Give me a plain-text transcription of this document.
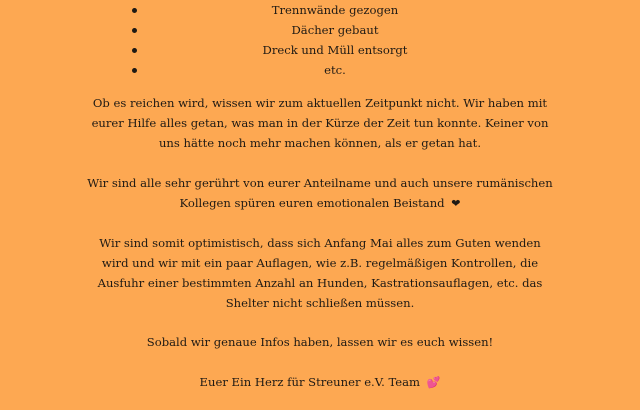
Trennwände gezogen
Dächer gebaut
Dreck und Müll entsorgt
etc.
Ob es reichen wird, wissen wir zum aktuellen Zeitpunkt nicht. Wir haben mit
eurer Hilfe alles getan, was man in der Kürze der Zeit tun konnte. Keiner von
uns hätte noch mehr machen können, als er getan hat.
Wir sind alle sehr gerührt von eurer Anteilname und auch unsere rumänischen
Kollegen spüren euren emotionalen Beistand ❤
Wir sind somit optimistisch, dass sich Anfang Mai alles zum Guten wenden
wird und wir mit ein paar Auflagen, wie z.B. regelmäßigen Kontrollen, die
Ausfuhr einer bestimmten Anzahl an Hunden, Kastrationsauflagen, etc. das
Shelter nicht schließen müssen.
Sobald wir genaue Infos haben, lassen wir es euch wissen!
Euer Ein Herz für Streuner e.V. Team 💕
